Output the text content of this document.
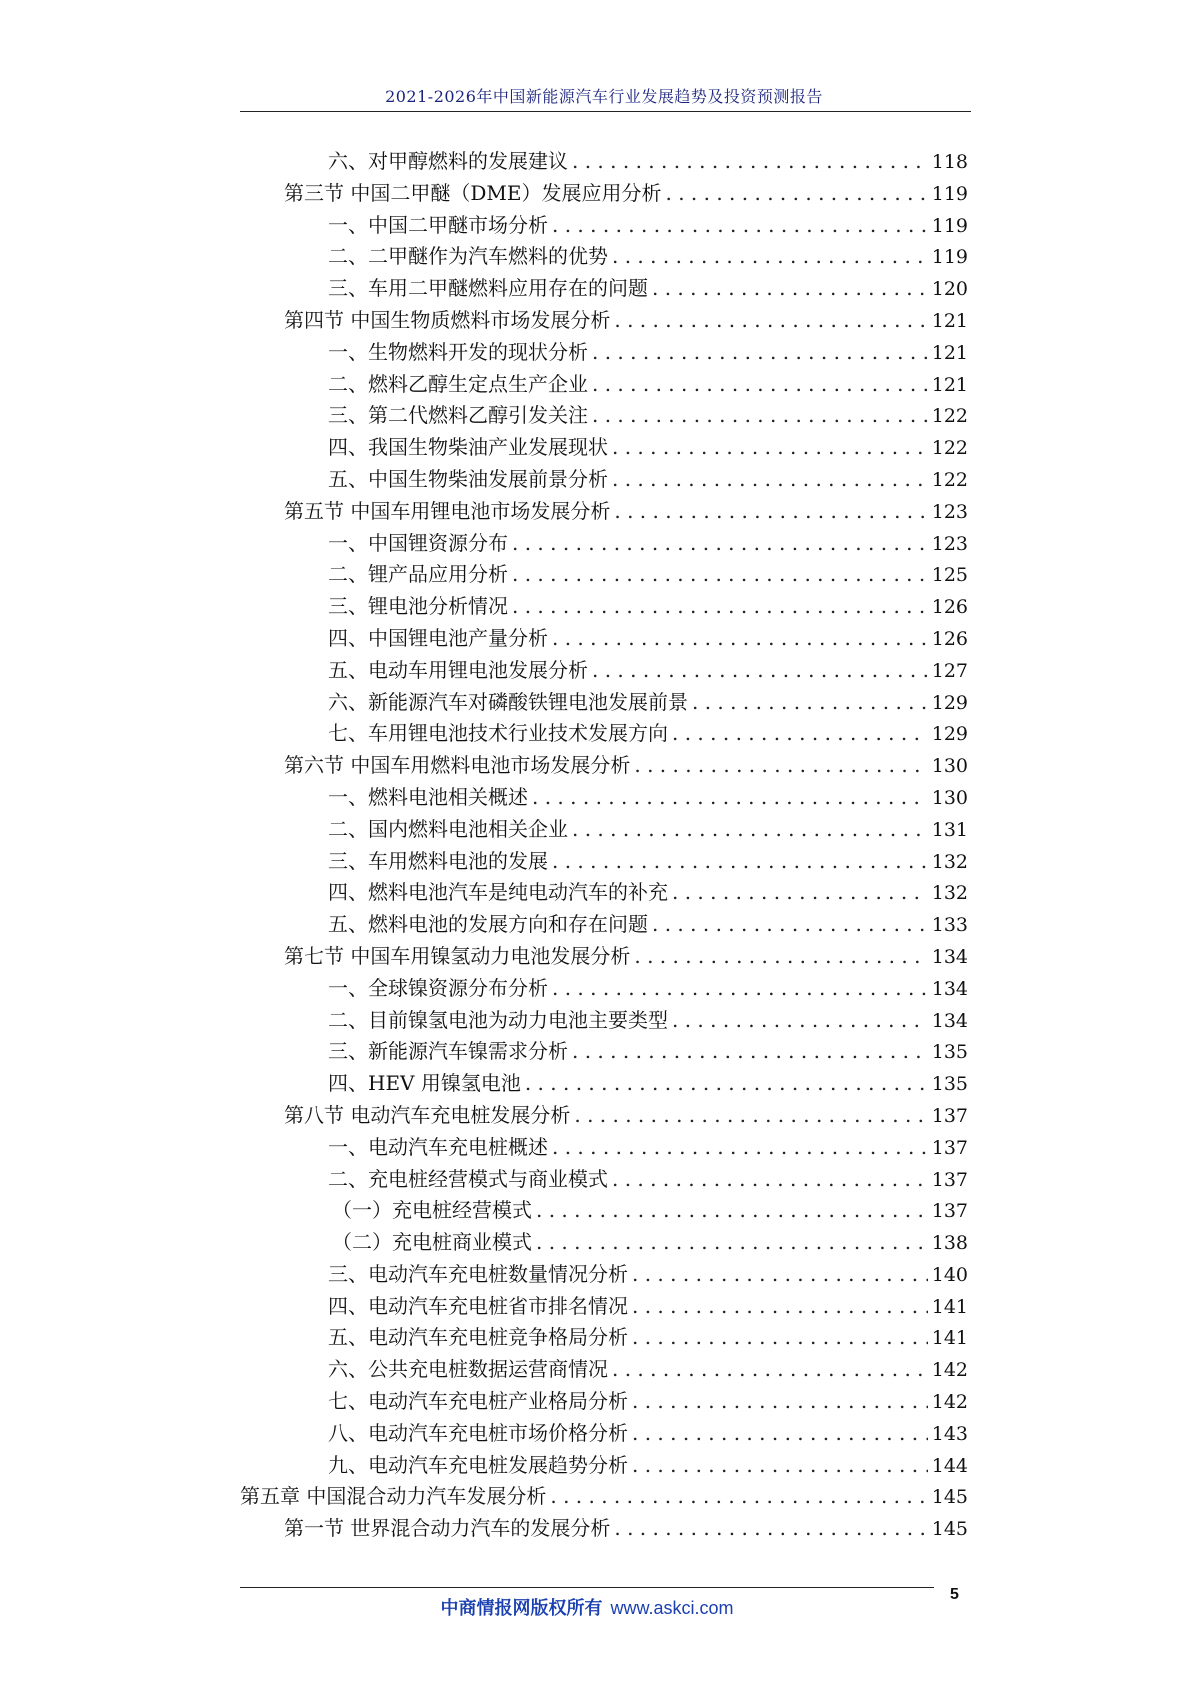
2021-2026年中国新能源汽车行业发展趋势及投资预测报告
六、对甲醇燃料的发展建议 . . .	118
第三节 中国二甲醚（DME）发展应用分析 . . .	119
一、中国二甲醚市场分析 . . .	119
二、二甲醚作为汽车燃料的优势 . . .	119
三、车用二甲醚燃料应用存在的问题 . . .	120
第四节 中国生物质燃料市场发展分析 . . .	121
一、生物燃料开发的现状分析 . . .	121
二、燃料乙醇生定点生产企业 . . .	121
三、第二代燃料乙醇引发关注 . . .	122
四、我国生物柴油产业发展现状 . . .	122
五、中国生物柴油发展前景分析 . . .	122
第五节 中国车用锂电池市场发展分析 . . .	123
一、中国锂资源分布 . . .	123
二、锂产品应用分析 . . .	125
三、锂电池分析情况 . . .	126
四、中国锂电池产量分析 . . .	126
五、电动车用锂电池发展分析 . . .	127
六、新能源汽车对磷酸铁锂电池发展前景 . . .	129
七、车用锂电池技术行业技术发展方向 . . .	129
第六节 中国车用燃料电池市场发展分析 . . .	130
一、燃料电池相关概述 . . .	130
二、国内燃料电池相关企业 . . .	131
三、车用燃料电池的发展 . . .	132
四、燃料电池汽车是纯电动汽车的补充 . . .	132
五、燃料电池的发展方向和存在问题 . . .	133
第七节 中国车用镍氢动力电池发展分析 . . .	134
一、全球镍资源分布分析 . . .	134
二、目前镍氢电池为动力电池主要类型 . . .	134
三、新能源汽车镍需求分析 . . .	135
四、HEV 用镍氢电池 . . .	135
第八节 电动汽车充电桩发展分析 . . .	137
一、电动汽车充电桩概述 . . .	137
二、充电桩经营模式与商业模式 . . .	137
（一）充电桩经营模式 . . .	137
（二）充电桩商业模式 . . .	138
三、电动汽车充电桩数量情况分析 . . .	140
四、电动汽车充电桩省市排名情况 . . .	141
五、电动汽车充电桩竞争格局分析 . . .	141
六、公共充电桩数据运营商情况 . . .	142
七、电动汽车充电桩产业格局分析 . . .	142
八、电动汽车充电桩市场价格分析 . . .	143
九、电动汽车充电桩发展趋势分析 . . .	144
第五章 中国混合动力汽车发展分析 . . .	145
第一节 世界混合动力汽车的发展分析 . . .	145
中商情报网版权所有 www.askci.com
5
